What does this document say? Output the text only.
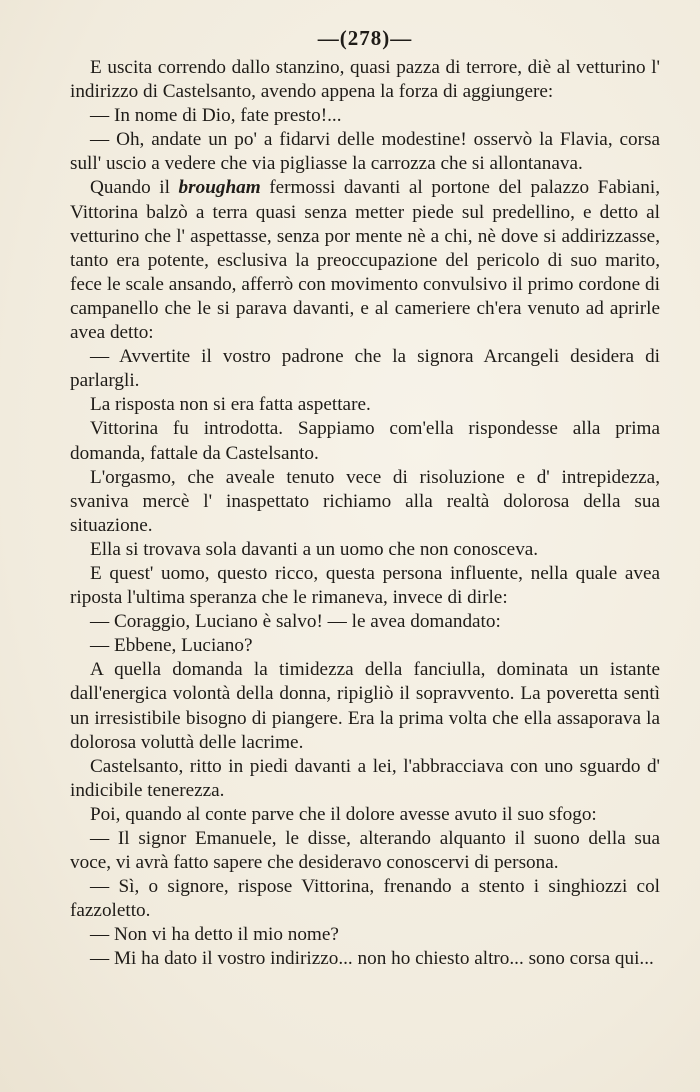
—(278)—

E uscita correndo dallo stanzino, quasi pazza di terrore, diè al vetturino l' indirizzo di Castelsanto, avendo appena la forza di aggiungere:

— In nome di Dio, fate presto!...

— Oh, andate un po' a fidarvi delle modestine! osservò la Flavia, corsa sull' uscio a vedere che via pigliasse la carrozza che si allontanava.

Quando il brougham fermossi davanti al portone del palazzo Fabiani, Vittorina balzò a terra quasi senza metter piede sul predellino, e detto al vetturino che l' aspettasse, senza por mente nè a chi, nè dove si addirizzasse, tanto era potente, esclusiva la preoccupazione del pericolo di suo marito, fece le scale ansando, afferrò con movimento convulsivo il primo cordone di campanello che le si parava davanti, e al cameriere ch'era venuto ad aprirle avea detto:

— Avvertite il vostro padrone che la signora Arcangeli desidera di parlargli.

La risposta non si era fatta aspettare.

Vittorina fu introdotta. Sappiamo com'ella rispondesse alla prima domanda, fattale da Castelsanto.

L'orgasmo, che aveale tenuto vece di risoluzione e d' intrepidezza, svaniva mercè l' inaspettato richiamo alla realtà dolorosa della sua situazione.

Ella si trovava sola davanti a un uomo che non conosceva.

E quest' uomo, questo ricco, questa persona influente, nella quale avea riposta l'ultima speranza che le rimaneva, invece di dirle:

— Coraggio, Luciano è salvo! — le avea domandato:

— Ebbene, Luciano?

A quella domanda la timidezza della fanciulla, dominata un istante dall'energica volontà della donna, ripigliò il sopravvento. La poveretta sentì un irresistibile bisogno di piangere. Era la prima volta che ella assaporava la dolorosa voluttà delle lacrime.

Castelsanto, ritto in piedi davanti a lei, l'abbracciava con uno sguardo d' indicibile tenerezza.

Poi, quando al conte parve che il dolore avesse avuto il suo sfogo:

— Il signor Emanuele, le disse, alterando alquanto il suono della sua voce, vi avrà fatto sapere che desideravo conoscervi di persona.

— Sì, o signore, rispose Vittorina, frenando a stento i singhiozzi col fazzoletto.

— Non vi ha detto il mio nome?

— Mi ha dato il vostro indirizzo... non ho chiesto altro... sono corsa qui...
